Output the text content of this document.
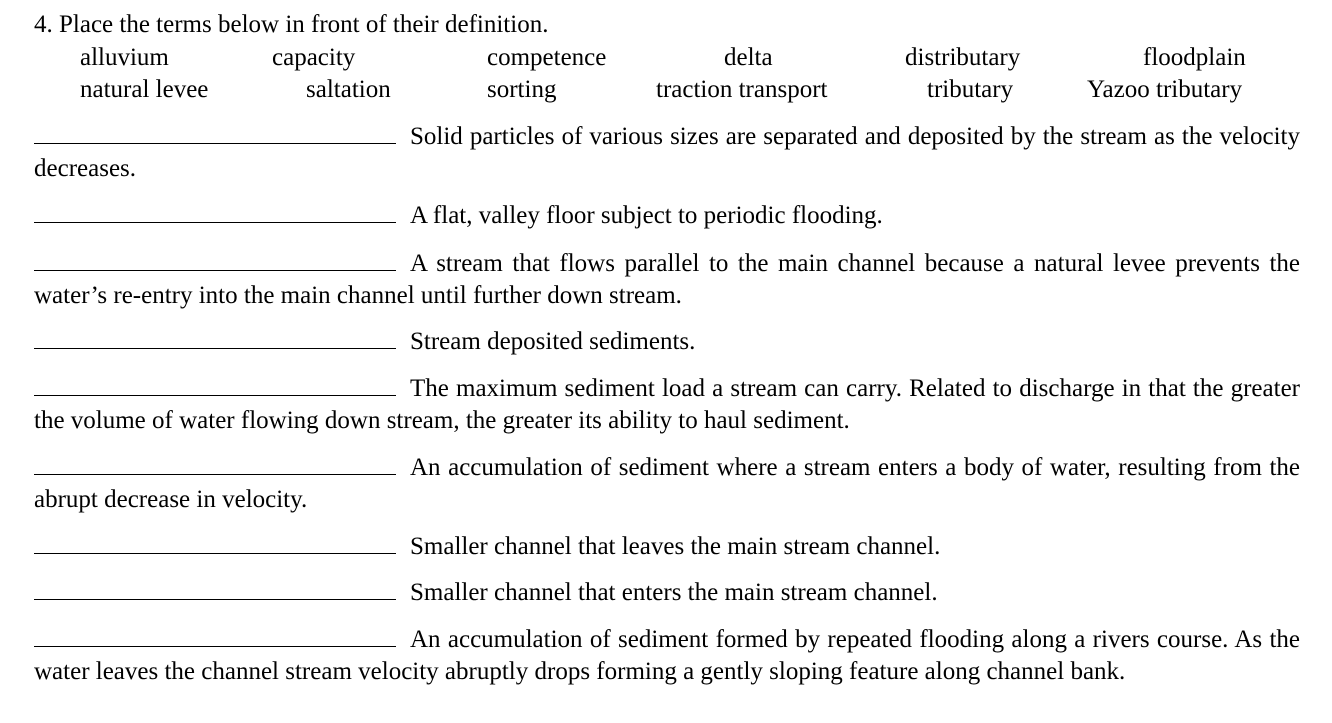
4. Place the terms below in front of their definition.
alluvium	capacity	competence	delta	distributary	floodplain
natural levee	saltation	sorting	traction transport	tributary	Yazoo tributary
Solid particles of various sizes are separated and deposited by the stream as the velocity decreases.
A flat, valley floor subject to periodic flooding.
A stream that flows parallel to the main channel because a natural levee prevents the water’s re-entry into the main channel until further down stream.
Stream deposited sediments.
The maximum sediment load a stream can carry. Related to discharge in that the greater the volume of water flowing down stream, the greater its ability to haul sediment.
An accumulation of sediment where a stream enters a body of water, resulting from the abrupt decrease in velocity.
Smaller channel that leaves the main stream channel.
Smaller channel that enters the main stream channel.
An accumulation of sediment formed by repeated flooding along a rivers course. As the water leaves the channel stream velocity abruptly drops forming a gently sloping feature along channel bank.
